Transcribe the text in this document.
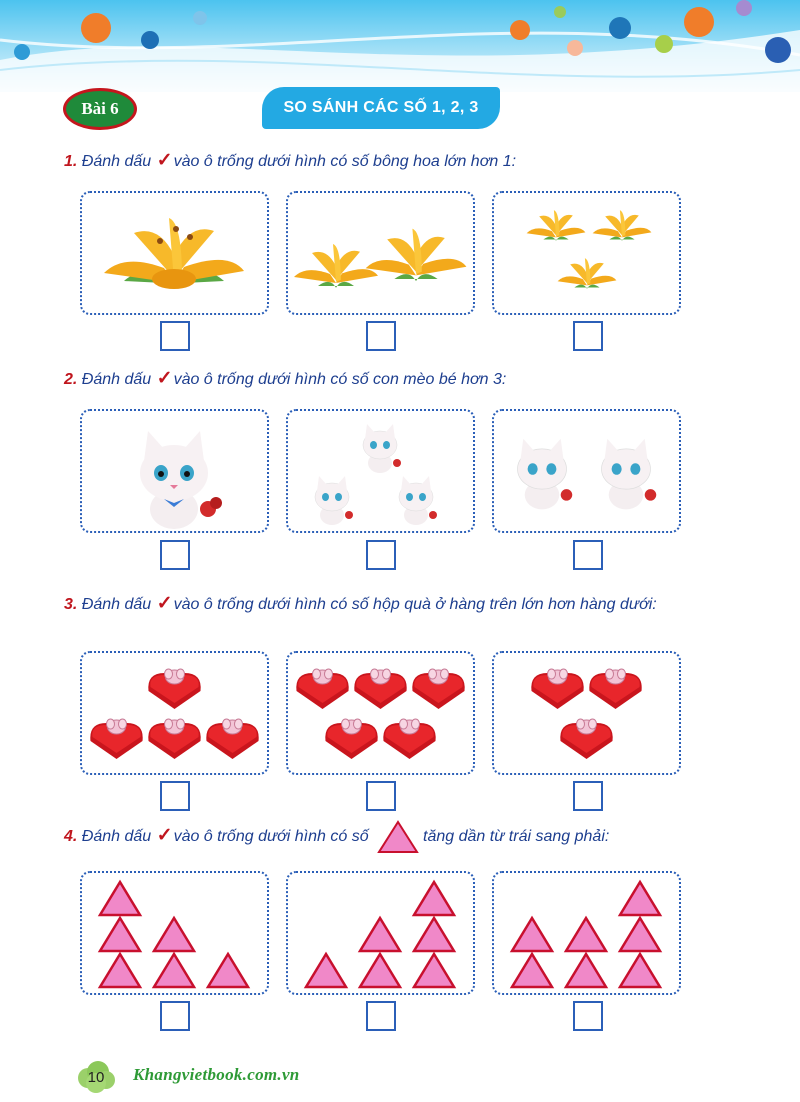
Bài 6	SO SÁNH CÁC SỐ 1, 2, 3
1. Đánh dấu ✓vào ô trống dưới hình có số bông hoa lớn hơn 1:
2. Đánh dấu ✓vào ô trống dưới hình có số con mèo bé hơn 3:
3. Đánh dấu ✓vào ô trống dưới hình có số hộp quà ở hàng trên lớn hơn hàng dưới:
4. Đánh dấu ✓vào ô trống dưới hình có số	tăng dần từ trái sang phải:
10	Khangvietbook.com.vn
